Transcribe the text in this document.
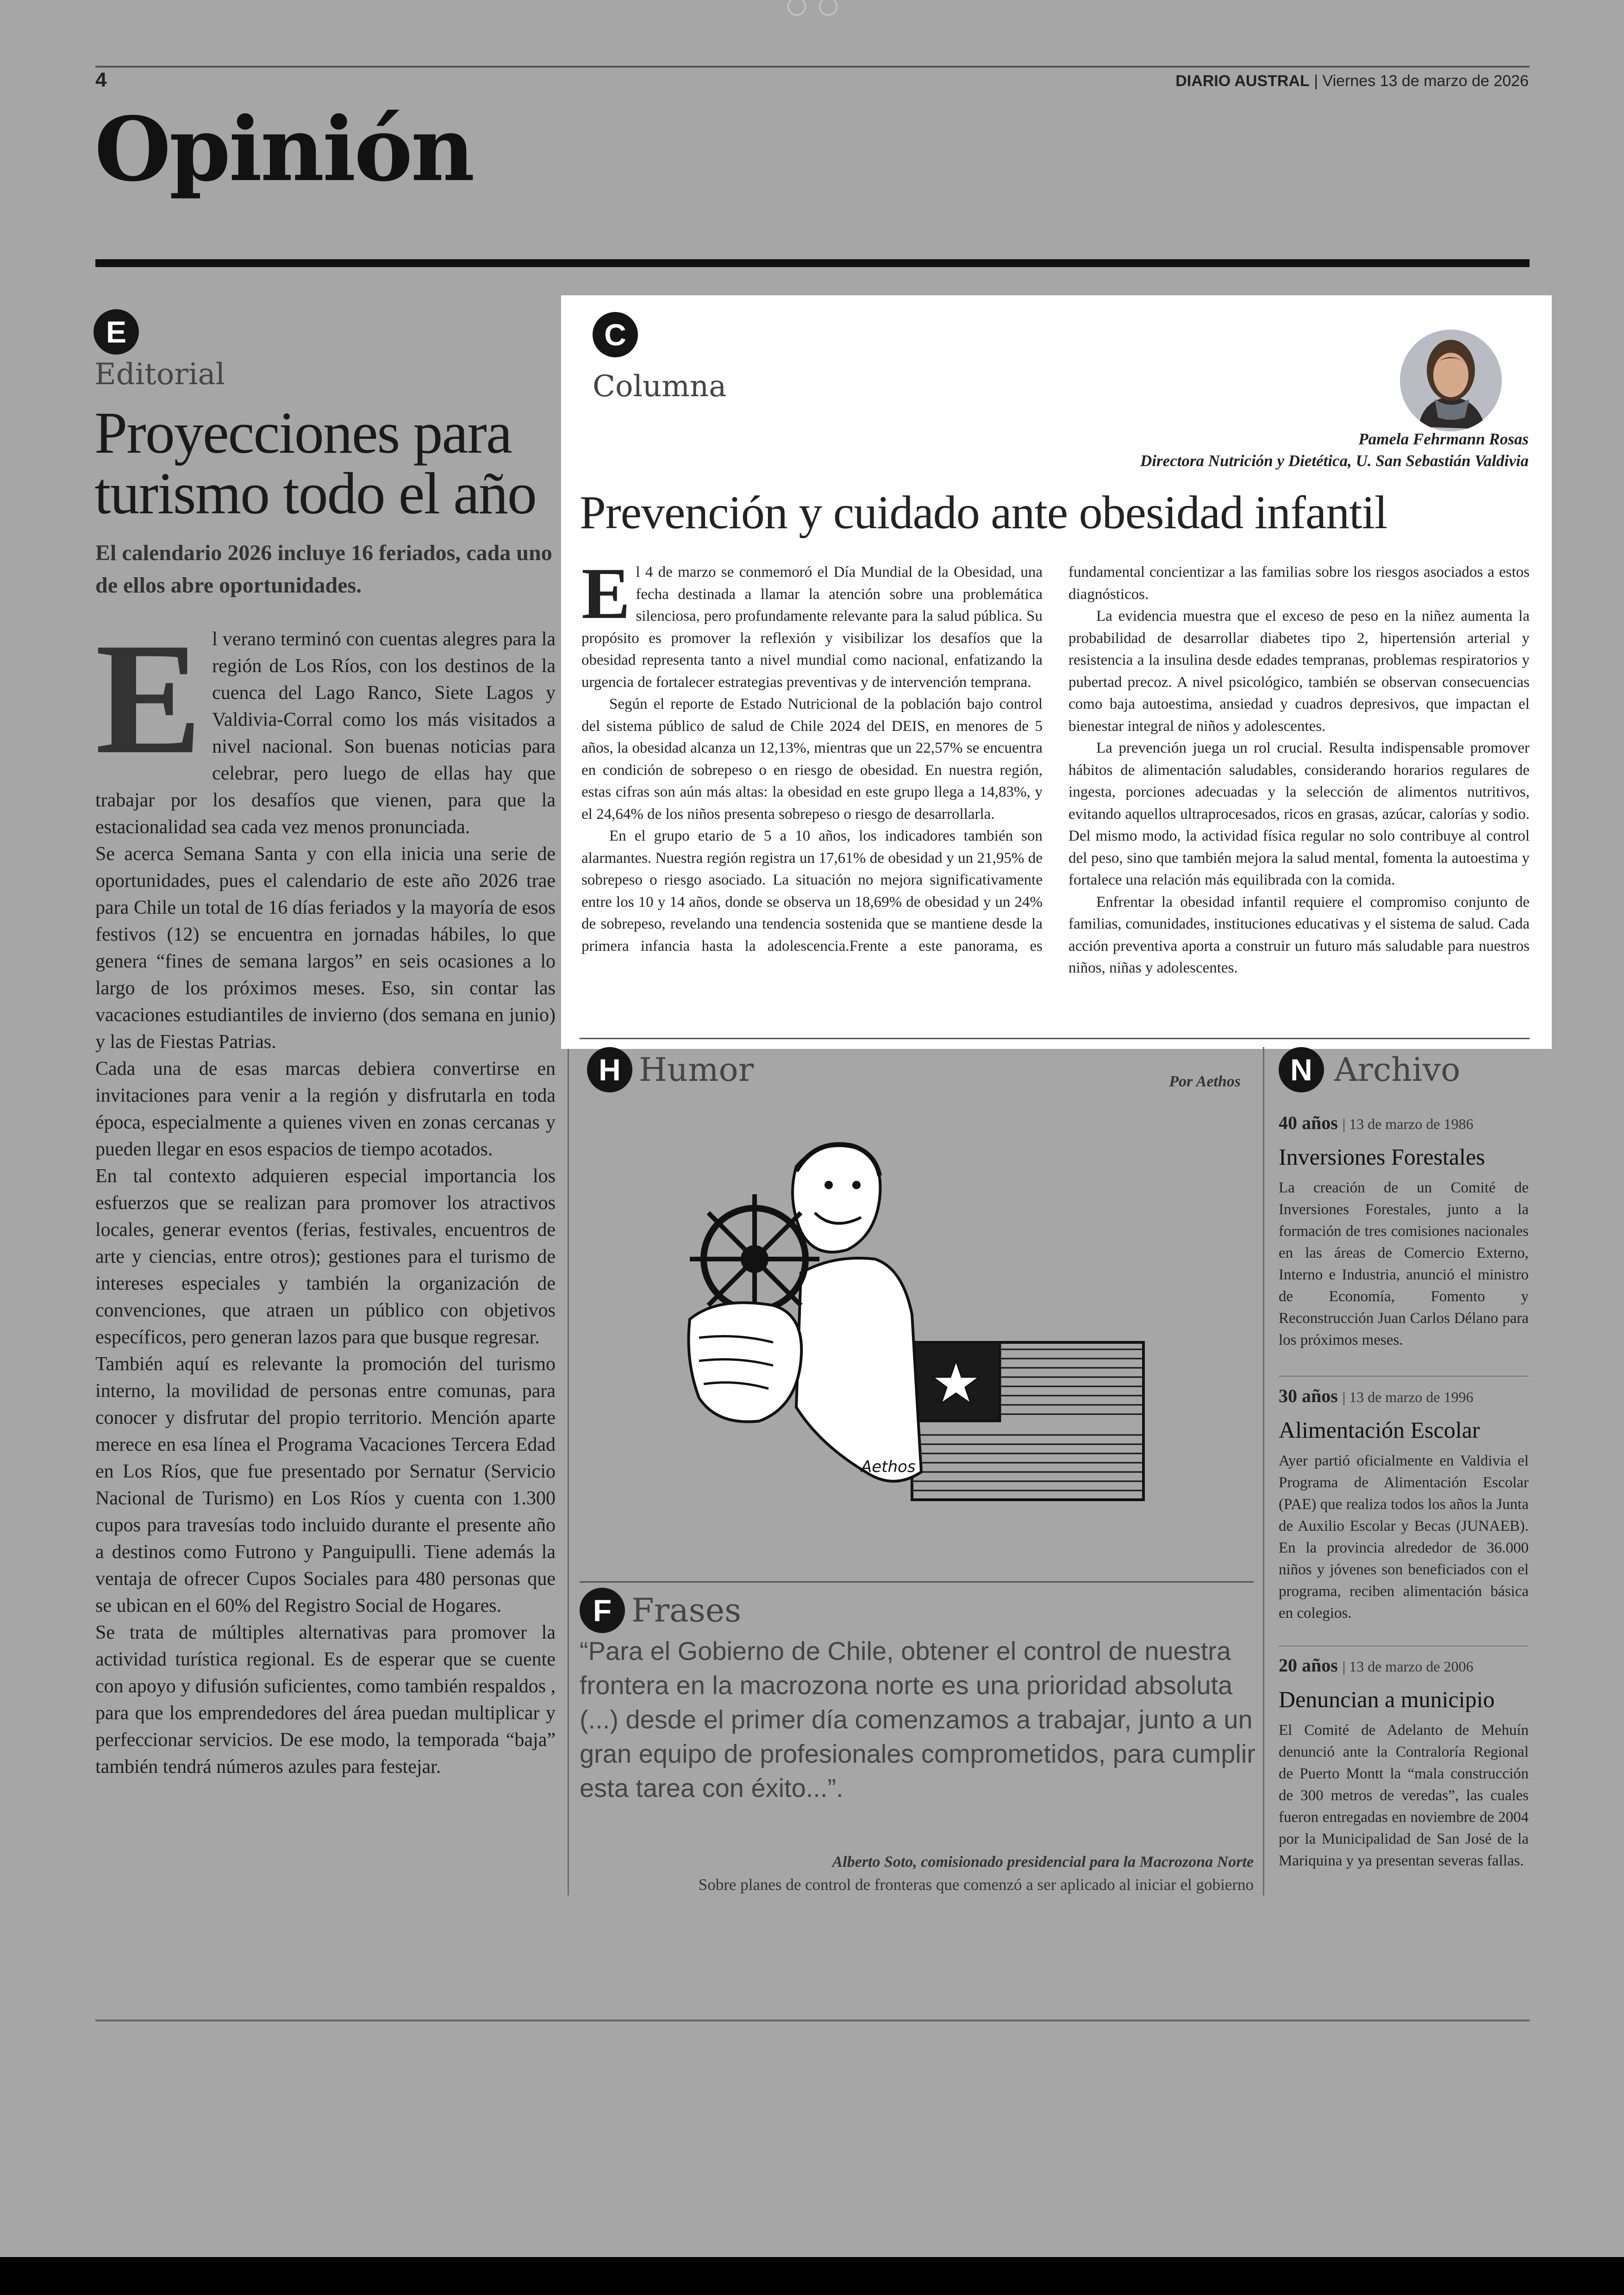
4	DIARIO AUSTRAL | Viernes 13 de marzo de 2026
Opinión
E
Editorial
Proyecciones para turismo todo el año
El calendario 2026 incluye 16 feriados, cada uno de ellos abre oportunidades.

El verano terminó con cuentas alegres para la región de Los Ríos, con los destinos de la cuenca del Lago Ranco, Siete Lagos y Valdivia-Corral como los más visitados a nivel nacional. Son buenas noticias para celebrar, pero luego de ellas hay que trabajar por los desafíos que vienen, para que la estacionalidad sea cada vez menos pronunciada.

Se acerca Semana Santa y con ella inicia una serie de oportunidades, pues el calendario de este año 2026 trae para Chile un total de 16 días feriados y la mayoría de esos festivos (12) se encuentra en jornadas hábiles, lo que genera “fines de semana largos” en seis ocasiones a lo largo de los próximos meses. Eso, sin contar las vacaciones estudiantiles de invierno (dos semana en junio) y las de Fiestas Patrias.

Cada una de esas marcas debiera convertirse en invitaciones para venir a la región y disfrutarla en toda época, especialmente a quienes viven en zonas cercanas y pueden llegar en esos espacios de tiempo acotados.

En tal contexto adquieren especial importancia los esfuerzos que se realizan para promover los atractivos locales, generar eventos (ferias, festivales, encuentros de arte y ciencias, entre otros); gestiones para el turismo de intereses especiales y también la organización de convenciones, que atraen un público con objetivos específicos, pero generan lazos para que busque regresar.

También aquí es relevante la promoción del turismo interno, la movilidad de personas entre comunas, para conocer y disfrutar del propio territorio. Mención aparte merece en esa línea el Programa Vacaciones Tercera Edad en Los Ríos, que fue presentado por Sernatur (Servicio Nacional de Turismo) en Los Ríos y cuenta con 1.300 cupos para travesías todo incluido durante el presente año a destinos como Futrono y Panguipulli. Tiene además la ventaja de ofrecer Cupos Sociales para 480 personas que se ubican en el 60% del Registro Social de Hogares.

Se trata de múltiples alternativas para promover la actividad turística regional. Es de esperar que se cuente con apoyo y difusión suficientes, como también respaldos , para que los emprendedores del área puedan multiplicar y perfeccionar servicios. De ese modo, la temporada “baja” también tendrá números azules para festejar.

C
Columna
Pamela Fehrmann Rosas
Directora Nutrición y Dietética, U. San Sebastián Valdivia
Prevención y cuidado ante obesidad infantil

El 4 de marzo se conmemoró el Día Mundial de la Obesidad, una fecha destinada a llamar la atención sobre una problemática silenciosa, pero profundamente relevante para la salud pública. Su propósito es promover la reflexión y visibilizar los desafíos que la obesidad representa tanto a nivel mundial como nacional, enfatizando la urgencia de fortalecer estrategias preventivas y de intervención temprana.

Según el reporte de Estado Nutricional de la población bajo control del sistema público de salud de Chile 2024 del DEIS, en menores de 5 años, la obesidad alcanza un 12,13%, mientras que un 22,57% se encuentra en condición de sobrepeso o en riesgo de obesidad. En nuestra región, estas cifras son aún más altas: la obesidad en este grupo llega a 14,83%, y el 24,64% de los niños presenta sobrepeso o riesgo de desarrollarla.

En el grupo etario de 5 a 10 años, los indicadores también son alarmantes. Nuestra región registra un 17,61% de obesidad y un 21,95% de sobrepeso o riesgo asociado. La situación no mejora significativamente entre los 10 y 14 años, donde se observa un 18,69% de obesidad y un 24% de sobrepeso, revelando una tendencia sostenida que se mantiene desde la primera infancia hasta la adolescencia.Frente a este panorama, es fundamental concientizar a las familias sobre los riesgos asociados a estos diagnósticos.

La evidencia muestra que el exceso de peso en la niñez aumenta la probabilidad de desarrollar diabetes tipo 2, hipertensión arterial y resistencia a la insulina desde edades tempranas, problemas respiratorios y pubertad precoz. A nivel psicológico, también se observan consecuencias como baja autoestima, ansiedad y cuadros depresivos, que impactan el bienestar integral de niños y adolescentes.

La prevención juega un rol crucial. Resulta indispensable promover hábitos de alimentación saludables, considerando horarios regulares de ingesta, porciones adecuadas y la selección de alimentos nutritivos, evitando aquellos ultraprocesados, ricos en grasas, azúcar, calorías y sodio. Del mismo modo, la actividad física regular no solo contribuye al control del peso, sino que también mejora la salud mental, fomenta la autoestima y fortalece una relación más equilibrada con la comida.

Enfrentar la obesidad infantil requiere el compromiso conjunto de familias, comunidades, instituciones educativas y el sistema de salud. Cada acción preventiva aporta a construir un futuro más saludable para nuestros niños, niñas y adolescentes.

H Humor	Por Aethos
Aethos
F Frases
“Para el Gobierno de Chile, obtener el control de nuestra frontera en la macrozona norte es una prioridad absoluta (...) desde el primer día comenzamos a trabajar, junto a un gran equipo de profesionales comprometidos, para cumplir esta tarea con éxito...”.
Alberto Soto, comisionado presidencial para la Macrozona Norte
Sobre planes de control de fronteras que comenzó a ser aplicado al iniciar el gobierno
N Archivo
40 años | 13 de marzo de 1986
Inversiones Forestales
La creación de un Comité de Inversiones Forestales, junto a la formación de tres comisiones nacionales en las áreas de Comercio Externo, Interno e Industria, anunció el ministro de Economía, Fomento y Reconstrucción Juan Carlos Délano para los próximos meses.
30 años | 13 de marzo de 1996
Alimentación Escolar
Ayer partió oficialmente en Valdivia el Programa de Alimentación Escolar (PAE) que realiza todos los años la Junta de Auxilio Escolar y Becas (JUNAEB). En la provincia alrededor de 36.000 niños y jóvenes son beneficiados con el programa, reciben alimentación básica en colegios.
20 años | 13 de marzo de 2006
Denuncian a municipio
El Comité de Adelanto de Mehuín denunció ante la Contraloría Regional de Puerto Montt la “mala construcción de 300 metros de veredas”, las cuales fueron entregadas en noviembre de 2004 por la Municipalidad de San José de la Mariquina y ya presentan severas fallas.
